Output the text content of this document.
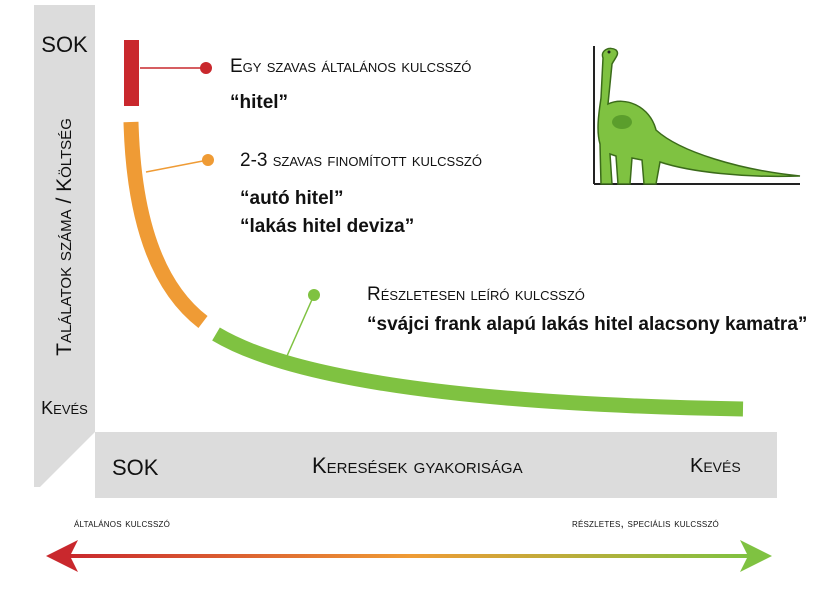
SOK
Kevés
Találatok száma / Költség
SOK	Keresések gyakorisága	Kevés
Egy szavas általános kulcsszó
“hitel”
2-3 szavas finomított kulcsszó
“autó hitel”
“lakás hitel deviza”
Részletesen leíró kulcsszó
“svájci frank alapú lakás hitel alacsony kamatra”
általános kulcsszó	részletes, speciális kulcsszó
